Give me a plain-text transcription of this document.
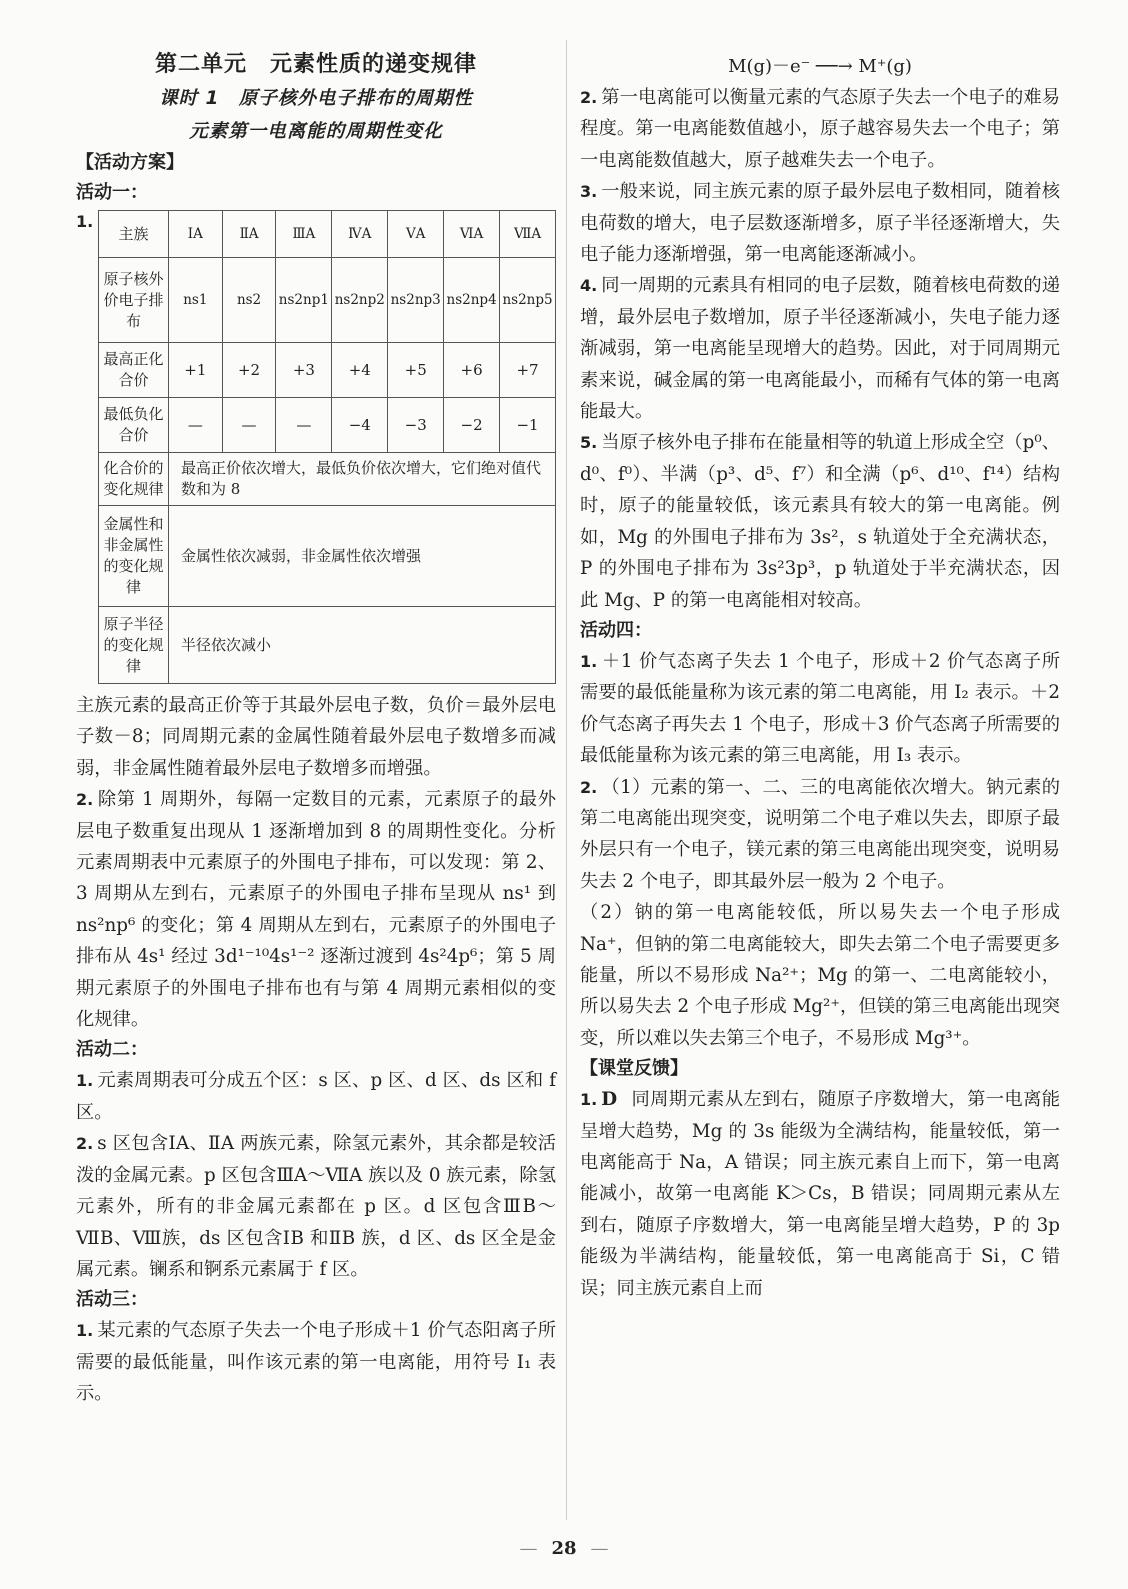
第二单元　元素性质的递变规律
课时 1　原子核外电子排布的周期性
元素第一电离能的周期性变化
【活动方案】
活动一：
1.
主族	ⅠA	ⅡA	ⅢA	ⅣA	ⅤA	ⅥA	ⅦA
原子核外价电子排布	ns1	ns2	ns2np1	ns2np2	ns2np3	ns2np4	ns2np5
最高正化合价	+1	+2	+3	+4	+5	+6	+7
最低负化合价	—	—	—	−4	−3	−2	−1
化合价的变化规律	最高正价依次增大，最低负价依次增大，它们绝对值代数和为 8						
金属性和非金属性的变化规律	金属性依次减弱，非金属性依次增强						
原子半径的变化规律	半径依次减小						

主族元素的最高正价等于其最外层电子数，负价＝最外层电子数－8；同周期元素的金属性随着最外层电子数增多而减弱，非金属性随着最外层电子数增多而增强。

2. 除第 1 周期外，每隔一定数目的元素，元素原子的最外层电子数重复出现从 1 逐渐增加到 8 的周期性变化。分析元素周期表中元素原子的外围电子排布，可以发现：第 2、3 周期从左到右，元素原子的外围电子排布呈现从 ns¹ 到 ns²np⁶ 的变化；第 4 周期从左到右，元素原子的外围电子排布从 4s¹ 经过 3d¹⁻¹⁰4s¹⁻² 逐渐过渡到 4s²4p⁶；第 5 周期元素原子的外围电子排布也有与第 4 周期元素相似的变化规律。

活动二：

1. 元素周期表可分成五个区：s 区、p 区、d 区、ds 区和 f 区。

2. s 区包含ⅠA、ⅡA 两族元素，除氢元素外，其余都是较活泼的金属元素。p 区包含ⅢA～ⅦA 族以及 0 族元素，除氢元素外，所有的非金属元素都在 p 区。d 区包含ⅢB～ⅦB、Ⅷ族，ds 区包含ⅠB 和ⅡB 族，d 区、ds 区全是金属元素。镧系和锕系元素属于 f 区。

活动三：

1. 某元素的气态原子失去一个电子形成＋1 价气态阳离子所需要的最低能量，叫作该元素的第一电离能，用符号 I₁ 表示。

M(g)－e⁻ ──→ M⁺(g)

2. 第一电离能可以衡量元素的气态原子失去一个电子的难易程度。第一电离能数值越小，原子越容易失去一个电子；第一电离能数值越大，原子越难失去一个电子。

3. 一般来说，同主族元素的原子最外层电子数相同，随着核电荷数的增大，电子层数逐渐增多，原子半径逐渐增大，失电子能力逐渐增强，第一电离能逐渐减小。

4. 同一周期的元素具有相同的电子层数，随着核电荷数的递增，最外层电子数增加，原子半径逐渐减小，失电子能力逐渐减弱，第一电离能呈现增大的趋势。因此，对于同周期元素来说，碱金属的第一电离能最小，而稀有气体的第一电离能最大。

5. 当原子核外电子排布在能量相等的轨道上形成全空（p⁰、d⁰、f⁰）、半满（p³、d⁵、f⁷）和全满（p⁶、d¹⁰、f¹⁴）结构时，原子的能量较低，该元素具有较大的第一电离能。例如，Mg 的外围电子排布为 3s²，s 轨道处于全充满状态，P 的外围电子排布为 3s²3p³，p 轨道处于半充满状态，因此 Mg、P 的第一电离能相对较高。

活动四：

1. ＋1 价气态离子失去 1 个电子，形成＋2 价气态离子所需要的最低能量称为该元素的第二电离能，用 I₂ 表示。＋2 价气态离子再失去 1 个电子，形成＋3 价气态离子所需要的最低能量称为该元素的第三电离能，用 I₃ 表示。

2. （1）元素的第一、二、三的电离能依次增大。钠元素的第二电离能出现突变，说明第二个电子难以失去，即原子最外层只有一个电子，镁元素的第三电离能出现突变，说明易失去 2 个电子，即其最外层一般为 2 个电子。

（2）钠的第一电离能较低，所以易失去一个电子形成 Na⁺，但钠的第二电离能较大，即失去第二个电子需要更多能量，所以不易形成 Na²⁺；Mg 的第一、二电离能较小，所以易失去 2 个电子形成 Mg²⁺，但镁的第三电离能出现突变，所以难以失去第三个电子，不易形成 Mg³⁺。

【课堂反馈】

1. D 同周期元素从左到右，随原子序数增大，第一电离能呈增大趋势，Mg 的 3s 能级为全满结构，能量较低，第一电离能高于 Na，A 错误；同主族元素自上而下，第一电离能减小，故第一电离能 K＞Cs，B 错误；同周期元素从左到右，随原子序数增大，第一电离能呈增大趋势，P 的 3p 能级为半满结构，能量较低，第一电离能高于 Si，C 错误；同主族元素自上而

— 28 —
